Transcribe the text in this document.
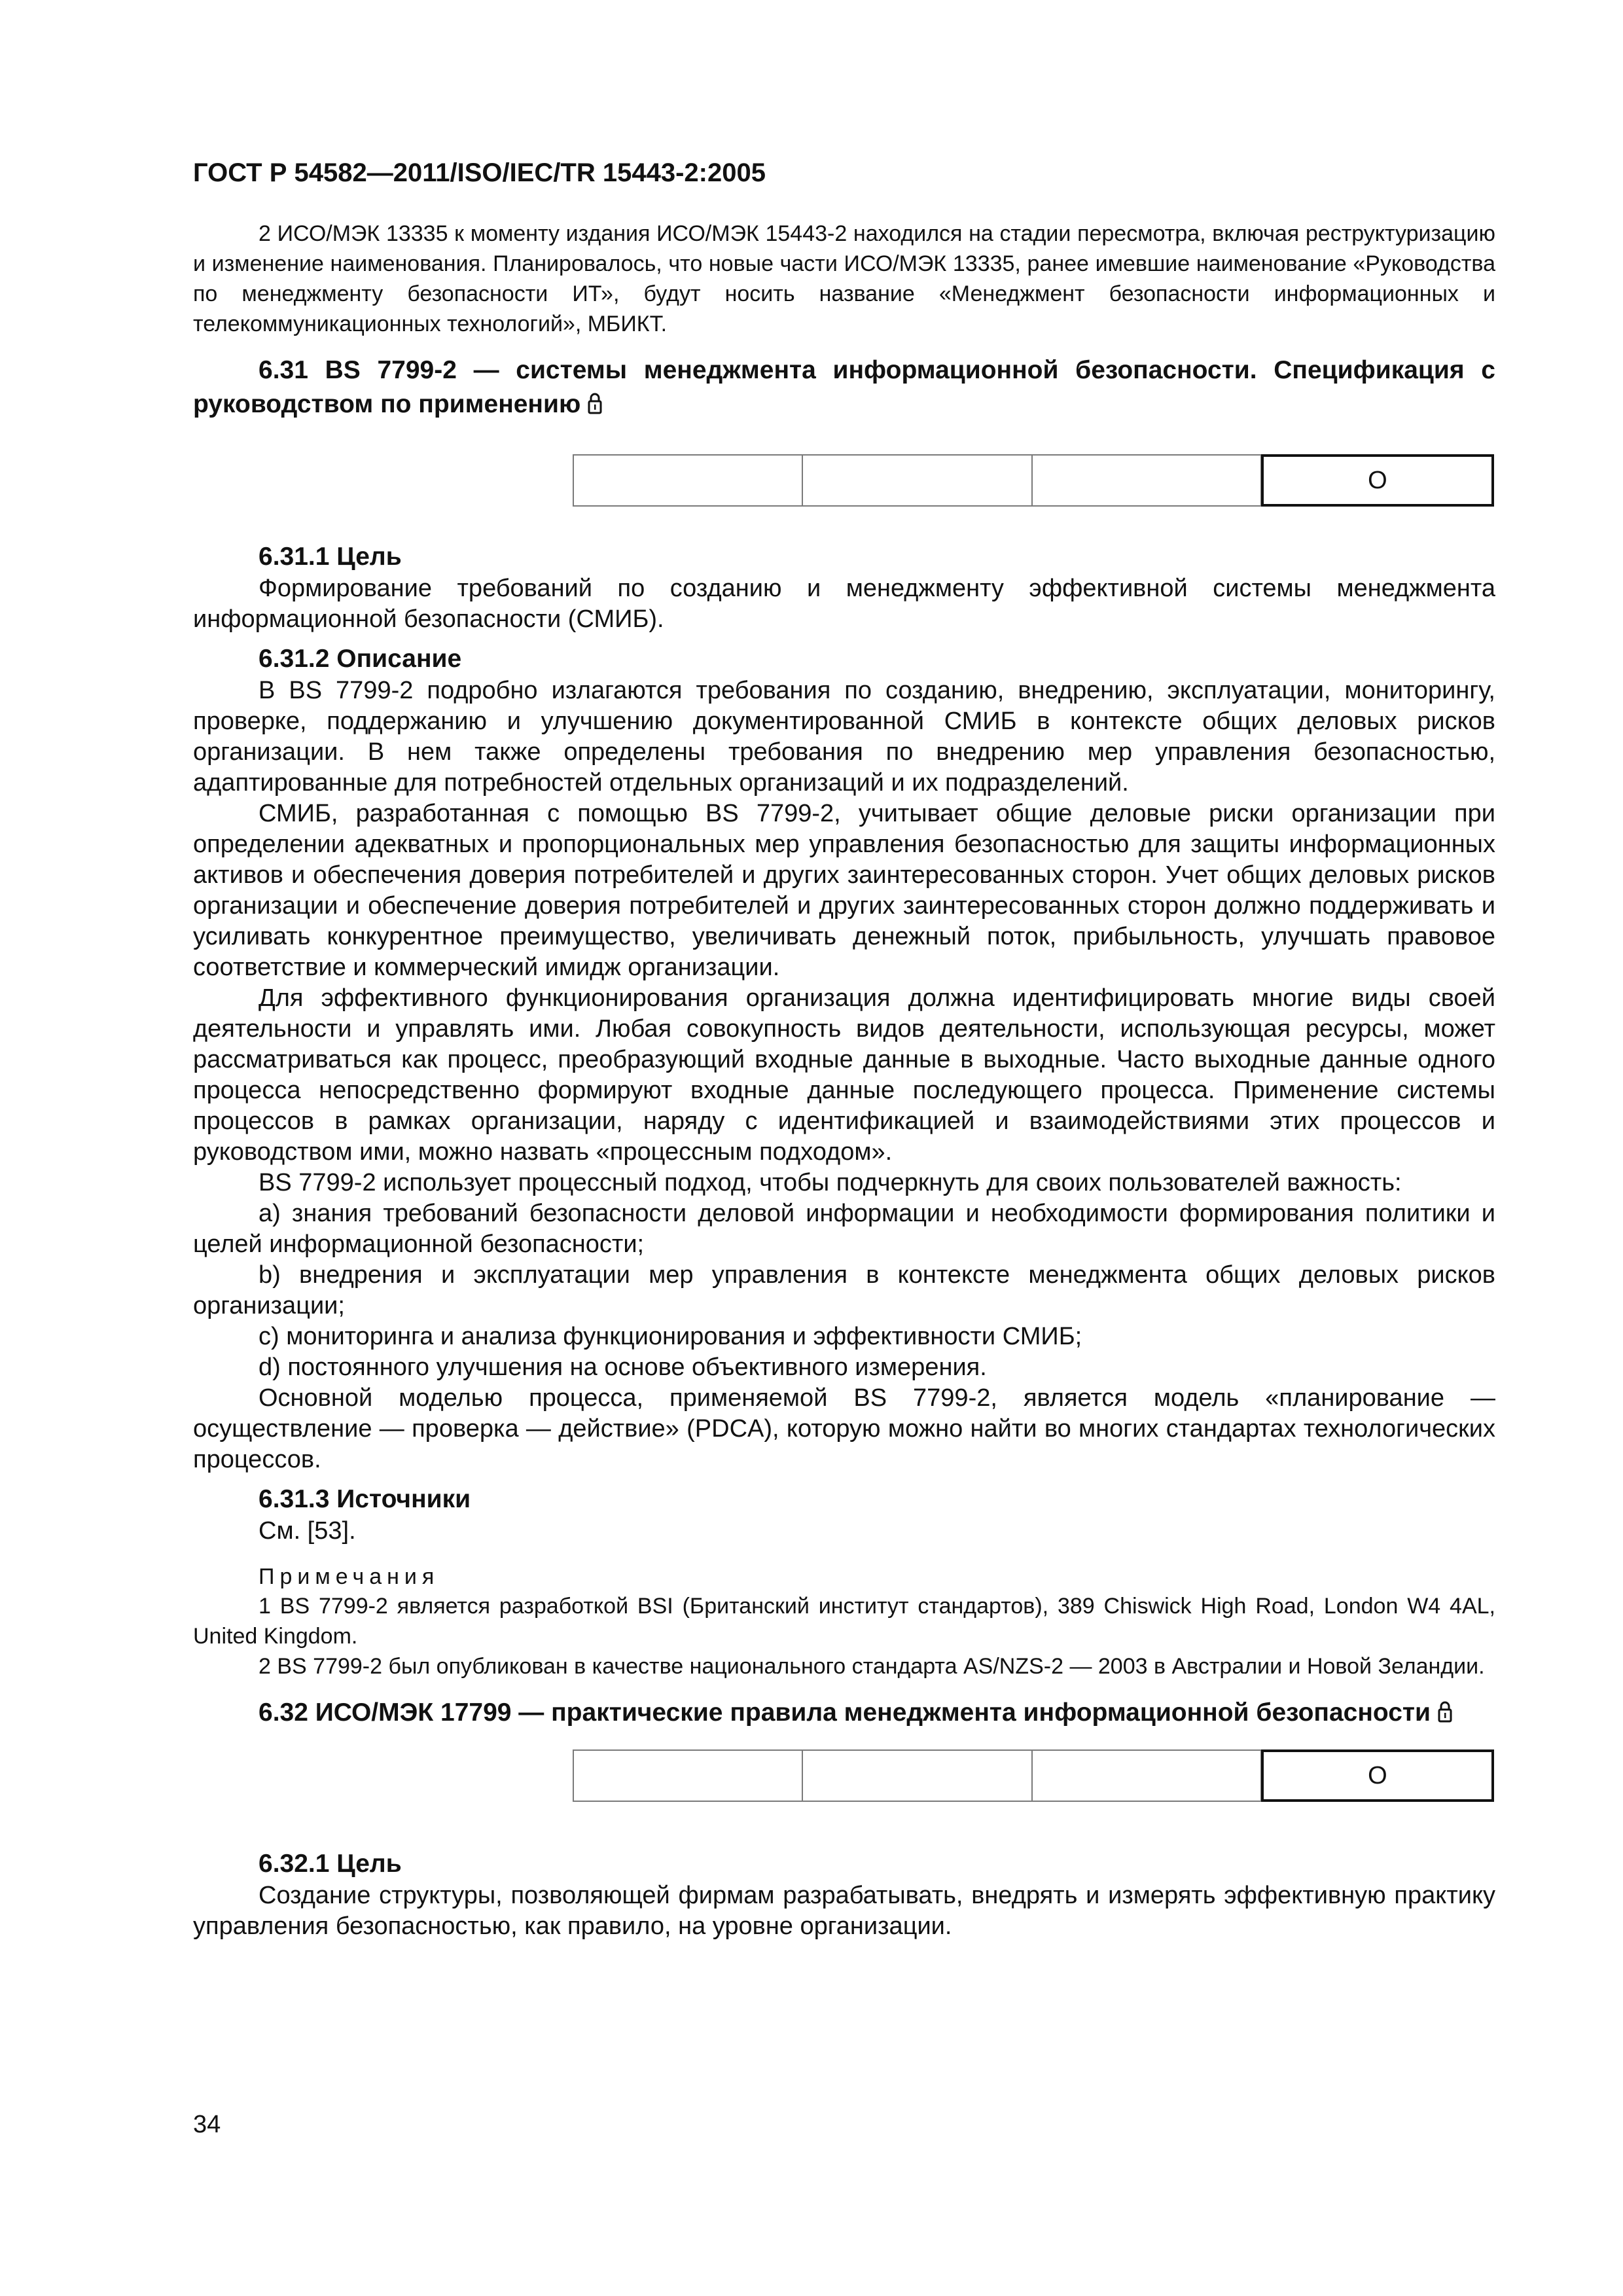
ГОСТ Р 54582—2011/ISO/IEC/TR 15443-2:2005

2 ИСО/МЭК 13335 к моменту издания ИСО/МЭК 15443-2 находился на стадии пересмотра, включая реструктуризацию и изменение наименования. Планировалось, что новые части ИСО/МЭК 13335, ранее имевшие наименование «Руководства по менеджменту безопасности ИТ», будут носить название «Менеджмент безопасности информационных и телекоммуникационных технологий», МБИКТ.

6.31 BS 7799-2 — системы менеджмента информационной безопасности. Спецификация с руководством по применению

О

6.31.1 Цель

Формирование требований по созданию и менеджменту эффективной системы менеджмента информационной безопасности (СМИБ).

6.31.2 Описание

В BS 7799-2 подробно излагаются требования по созданию, внедрению, эксплуатации, мониторингу, проверке, поддержанию и улучшению документированной СМИБ в контексте общих деловых рисков организации. В нем также определены требования по внедрению мер управления безопасностью, адаптированные для потребностей отдельных организаций и их подразделений.

СМИБ, разработанная с помощью BS 7799-2, учитывает общие деловые риски организации при определении адекватных и пропорциональных мер управления безопасностью для защиты информационных активов и обеспечения доверия потребителей и других заинтересованных сторон. Учет общих деловых рисков организации и обеспечение доверия потребителей и других заинтересованных сторон должно поддерживать и усиливать конкурентное преимущество, увеличивать денежный поток, прибыльность, улучшать правовое соответствие и коммерческий имидж организации.

Для эффективного функционирования организация должна идентифицировать многие виды своей деятельности и управлять ими. Любая совокупность видов деятельности, использующая ресурсы, может рассматриваться как процесс, преобразующий входные данные в выходные. Часто выходные данные одного процесса непосредственно формируют входные данные последующего процесса. Применение системы процессов в рамках организации, наряду с идентификацией и взаимодействиями этих процессов и руководством ими, можно назвать «процессным подходом».

BS 7799-2 использует процессный подход, чтобы подчеркнуть для своих пользователей важность:

a) знания требований безопасности деловой информации и необходимости формирования политики и целей информационной безопасности;

b) внедрения и эксплуатации мер управления в контексте менеджмента общих деловых рисков организации;

c) мониторинга и анализа функционирования и эффективности СМИБ;

d) постоянного улучшения на основе объективного измерения.

Основной моделью процесса, применяемой BS 7799-2, является модель «планирование — осуществление — проверка — действие» (PDCA), которую можно найти во многих стандартах технологических процессов.

6.31.3 Источники

См. [53].

Примечания

1 BS 7799-2 является разработкой BSI (Британский институт стандартов), 389 Chiswick High Road, London W4 4AL, United Kingdom.

2 BS 7799-2 был опубликован в качестве национального стандарта AS/NZS-2 — 2003 в Австралии и Новой Зеландии.

6.32 ИСО/МЭК 17799 — практические правила менеджмента информационной безопасности

О

6.32.1 Цель

Создание структуры, позволяющей фирмам разрабатывать, внедрять и измерять эффективную практику управления безопасностью, как правило, на уровне организации.

34
